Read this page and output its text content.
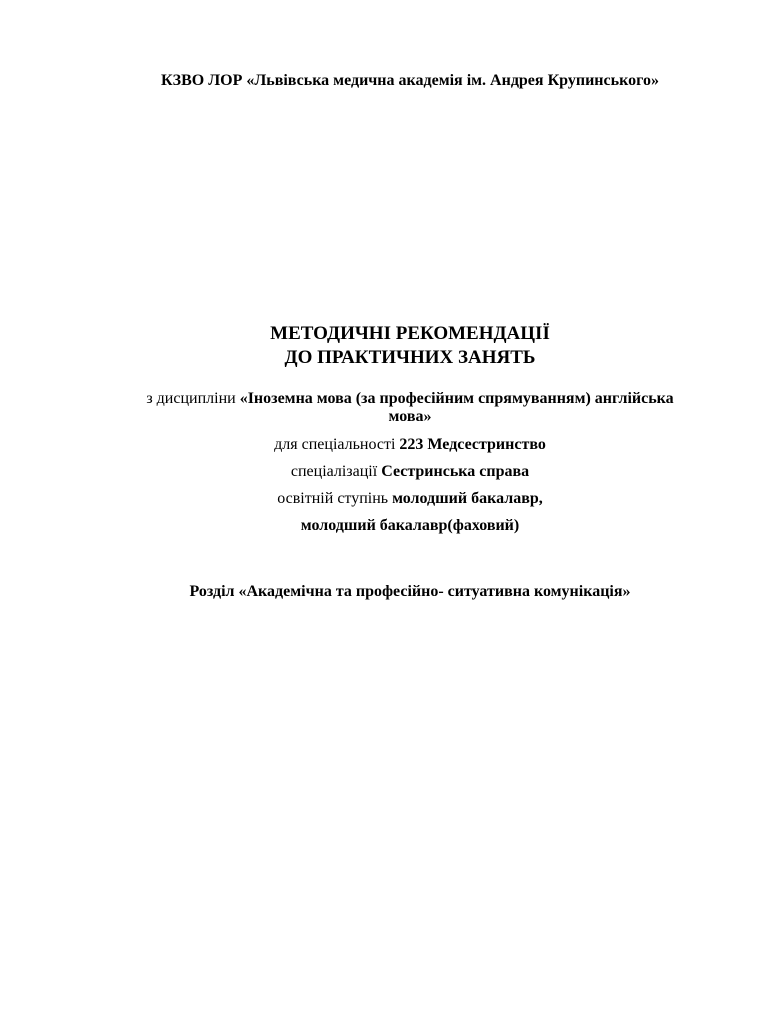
КЗВО ЛОР «Львівська медична академія ім. Андрея Крупинського»
МЕТОДИЧНІ РЕКОМЕНДАЦІЇ
ДО ПРАКТИЧНИХ ЗАНЯТЬ
з дисципліни «Іноземна мова (за професійним спрямуванням) англійська
мова»
для спеціальності 223 Медсестринство
спеціалізації Сестринська справа
освітній ступінь молодший бакалавр,
молодший бакалавр(фаховий)
Розділ «Академічна та професійно- ситуативна комунікація»
